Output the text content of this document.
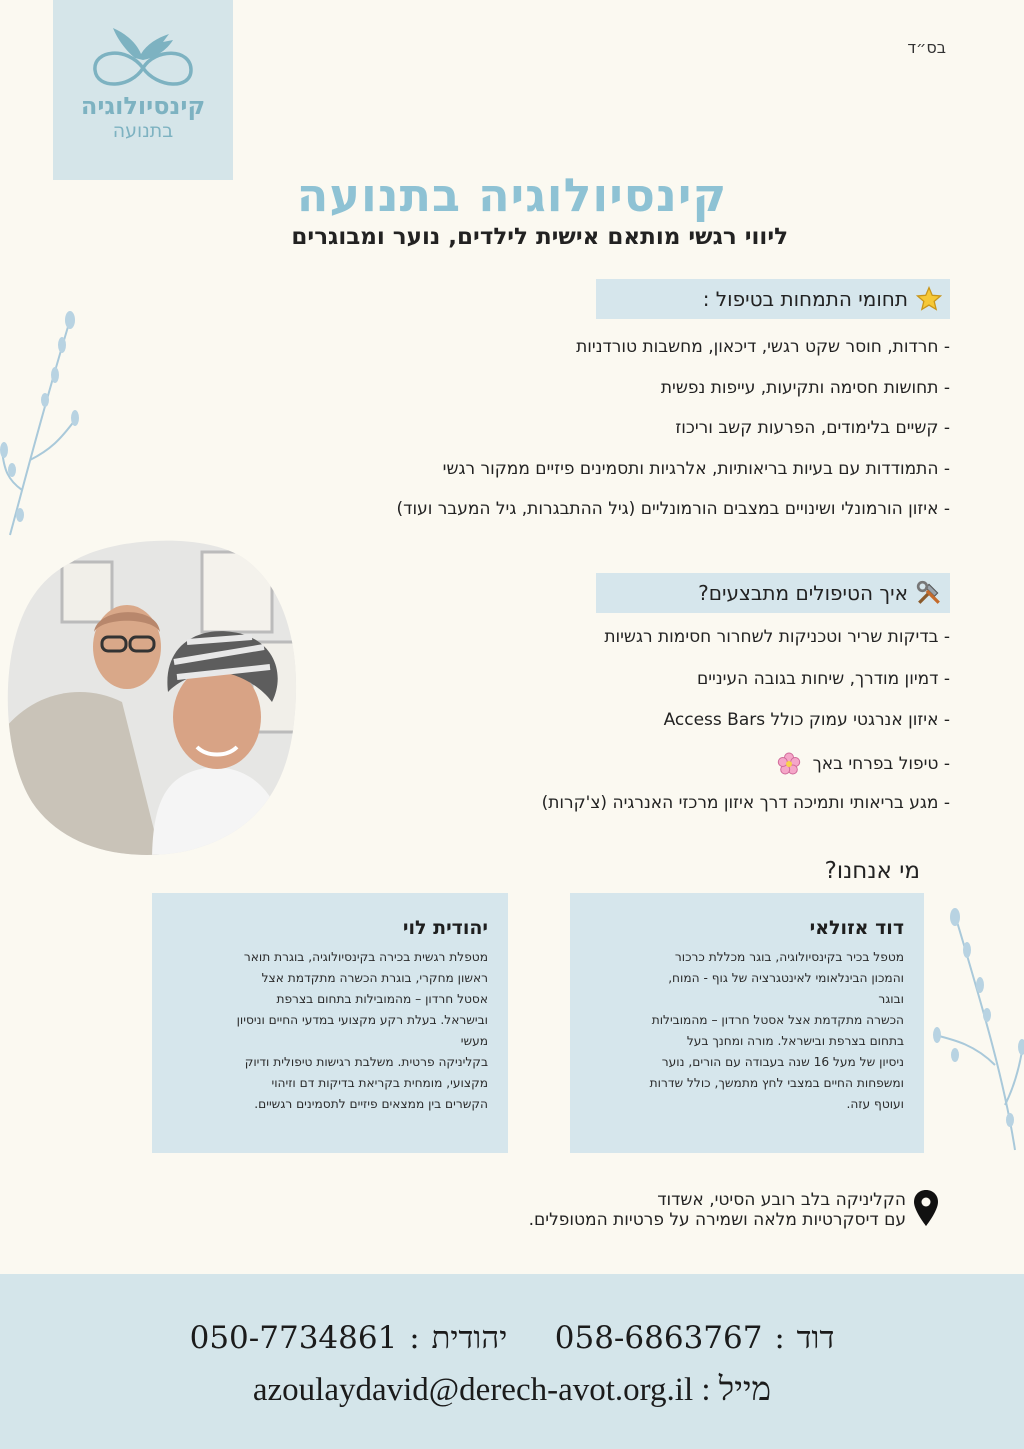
קינסיולוגיה
בתנועה
בס״ד
קינסיולוגיה בתנועה
ליווי רגשי מותאם אישית לילדים, נוער ומבוגרים
תחומי התמחות בטיפול :
- חרדות, חוסר שקט רגשי, דיכאון, מחשבות טורדניות
- תחושות חסימה ותקיעות, עייפות נפשית
- קשיים בלימודים, הפרעות קשב וריכוז
- התמודדות עם בעיות בריאותיות, אלרגיות ותסמינים פיזיים ממקור רגשי
- איזון הורמונלי ושינויים במצבים הורמונליים (גיל ההתבגרות, גיל המעבר ועוד)
איך הטיפולים מתבצעים?
- בדיקות שריר וטכניקות לשחרור חסימות רגשיות
- דמיון מודרך, שיחות בגובה העיניים
- איזון אנרגטי עמוק כולל Access Bars
- טיפול בפרחי באך
- מגע בריאותי ותמיכה דרך איזון מרכזי האנרגיה (צ'קרות)
מי אנחנו?
דוד אזולאי
מטפל בכיר בקינסיולוגיה, בוגר מכללת כרכור
והמכון הבינלאומי לאינטגרציה של גוף - המוח,
ובוגר
הכשרה מתקדמת אצל אסטל חרדון – מהמובילות
בתחום בצרפת ובישראל. מורה ומחנך בעל
ניסיון של מעל 16 שנה בעבודה עם הורים, נוער
ומשפחות החיים במצבי לחץ מתמשך, כולל שדרות
ועוטף עזה.
יהודית לוי
מטפלת רגשית בכירה בקינסיולוגיה, בוגרת תואר
ראשון מחקרי, בוגרת הכשרה מתקדמת אצל
אסטל חרדון – מהמובילות בתחום בצרפת
ובישראל. בעלת רקע מקצועי במדעי החיים וניסיון
מעשי
בקליניקה פרטית. משלבת רגישות טיפולית ודיוק
מקצועי, מומחית בקריאת בדיקות דם וזיהוי
הקשרים בין ממצאים פיזיים לתסמינים רגשיים.
הקליניקה בלב רובע הסיטי, אשדוד
עם דיסקרטיות מלאה ושמירה על פרטיות המטופלים.
דוד : 058-6863767    יהודית : 050-7734861
מייל : azoulaydavid@derech-avot.org.il
